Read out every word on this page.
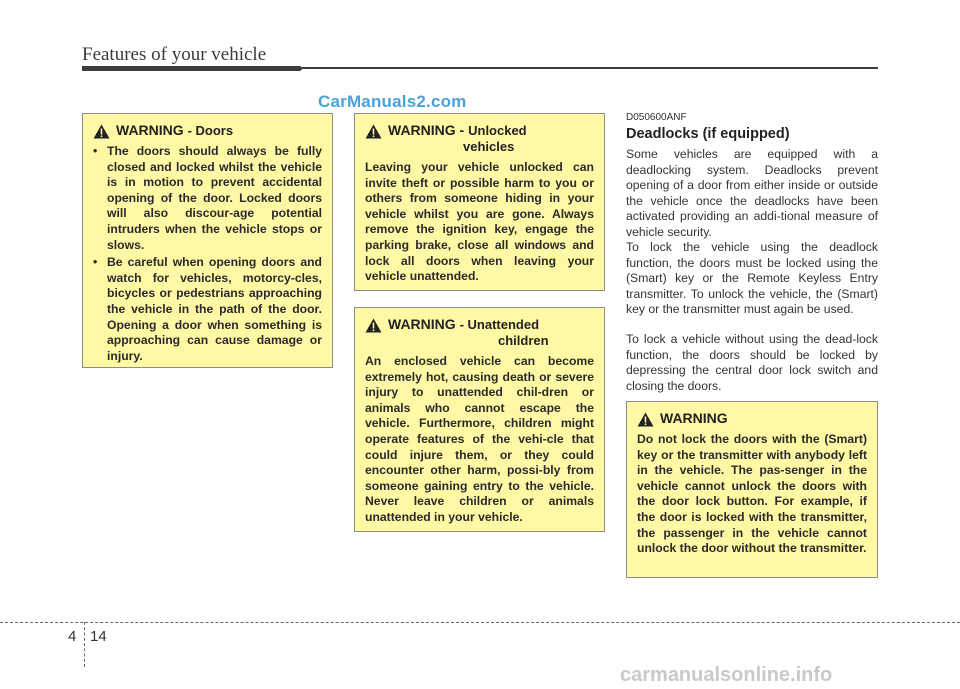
Features of your vehicle
CarManuals2.com
WARNING - Doors
• The doors should always be fully closed and locked whilst the vehicle is in motion to prevent accidental opening of the door. Locked doors will also discour-age potential intruders when the vehicle stops or slows.
• Be careful when opening doors and watch for vehicles, motorcy-cles, bicycles or pedestrians approaching the vehicle in the path of the door. Opening a door when something is approaching can cause damage or injury.
WARNING - Unlocked
vehicles
Leaving your vehicle unlocked can invite theft or possible harm to you or others from someone hiding in your vehicle whilst you are gone. Always remove the ignition key, engage the parking brake, close all windows and lock all doors when leaving your vehicle unattended.
WARNING - Unattended
children
An enclosed vehicle can become extremely hot, causing death or severe injury to unattended chil-dren or animals who cannot escape the vehicle. Furthermore, children might operate features of the vehi-cle that could injure them, or they could encounter other harm, possi-bly from someone gaining entry to the vehicle. Never leave children or animals unattended in your vehicle.
D050600ANF
Deadlocks (if equipped)
Some vehicles are equipped with a deadlocking system. Deadlocks prevent opening of a door from either inside or outside the vehicle once the deadlocks have been activated providing an addi-tional measure of vehicle security.
To lock the vehicle using the deadlock function, the doors must be locked using the (Smart) key or the Remote Keyless Entry transmitter. To unlock the vehicle, the (Smart) key or the transmitter must again be used.
To lock a vehicle without using the dead-lock function, the doors should be locked by depressing the central door lock switch and closing the doors.
WARNING
Do not lock the doors with the (Smart) key or the transmitter with anybody left in the vehicle. The pas-senger in the vehicle cannot unlock the doors with the door lock button. For example, if the door is locked with the transmitter, the passenger in the vehicle cannot unlock the door without the transmitter.
4 14
carmanualsonline.info
